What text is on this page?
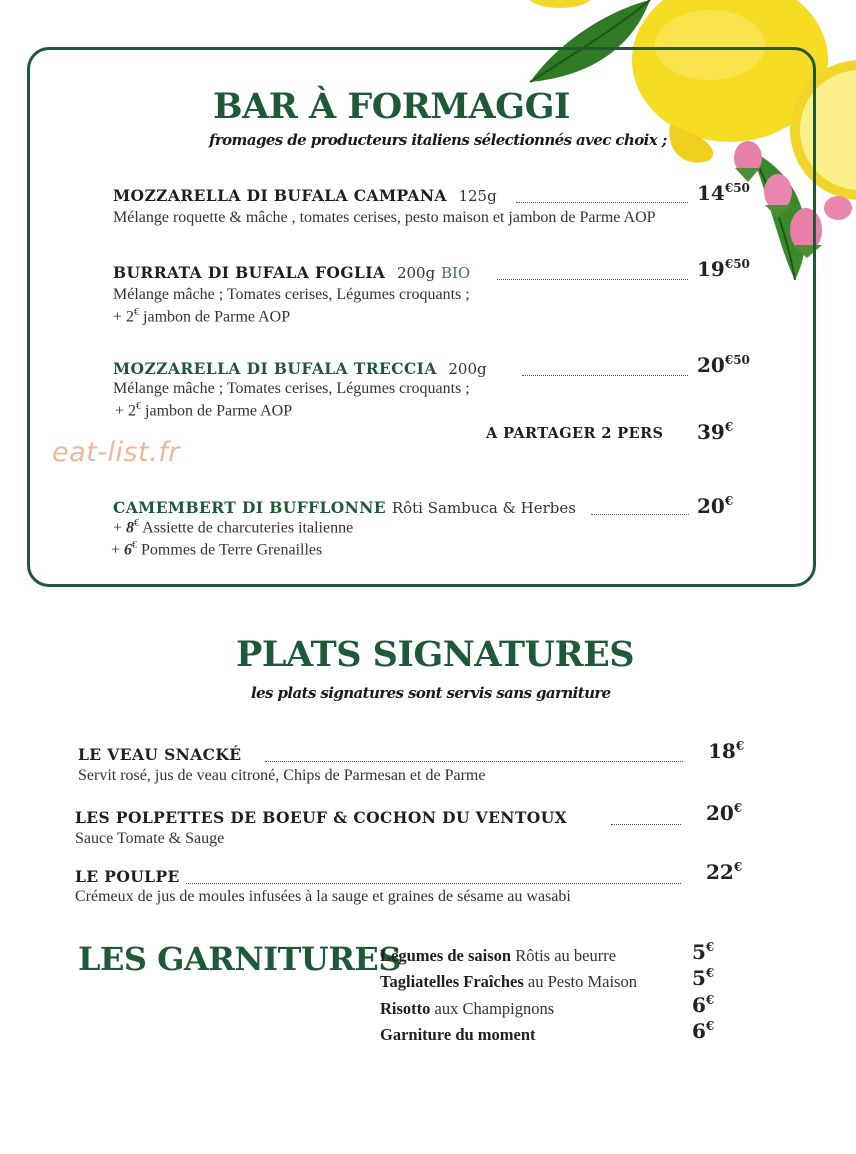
BAR À FORMAGGI
fromages de producteurs italiens sélectionnés avec choix ;
MOZZARELLA DI BUFALA CAMPANA 125g	$14^{€50}$
Mélange roquette & mâche , tomates cerises, pesto maison et jambon de Parme AOP
BURRATA DI BUFALA FOGLIA 200g BIO	$19^{€50}$
Mélange mâche ; Tomates cerises, Légumes croquants ;
+ 2€ jambon de Parme AOP
MOZZARELLA DI BUFALA TRECCIA 200g	$20^{€50}$
Mélange mâche ; Tomates cerises, Légumes croquants ;
+ 2€ jambon de Parme AOP
A PARTAGER 2 PERS 39€
eat-list.fr
CAMEMBERT DI BUFFLONNE Rôti Sambuca & Herbes	20€
+ 8€ Assiette de charcuteries italienne
+ 6€ Pommes de Terre Grenailles
PLATS SIGNATURES
les plats signatures sont servis sans garniture
LE VEAU SNACKÉ	18€
Servit rosé, jus de veau citroné, Chips de Parmesan et de Parme
LES POLPETTES DE BOEUF & COCHON DU VENTOUX	20€
Sauce Tomate & Sauge
LE POULPE	22€
Crémeux de jus de moules infusées à la sauge et graines de sésame au wasabi
LES GARNITURES
Légumes de saison Rôtis au beurre	5€
Tagliatelles Fraîches au Pesto Maison	5€
Risotto aux Champignons	6€
Garniture du moment	6€
